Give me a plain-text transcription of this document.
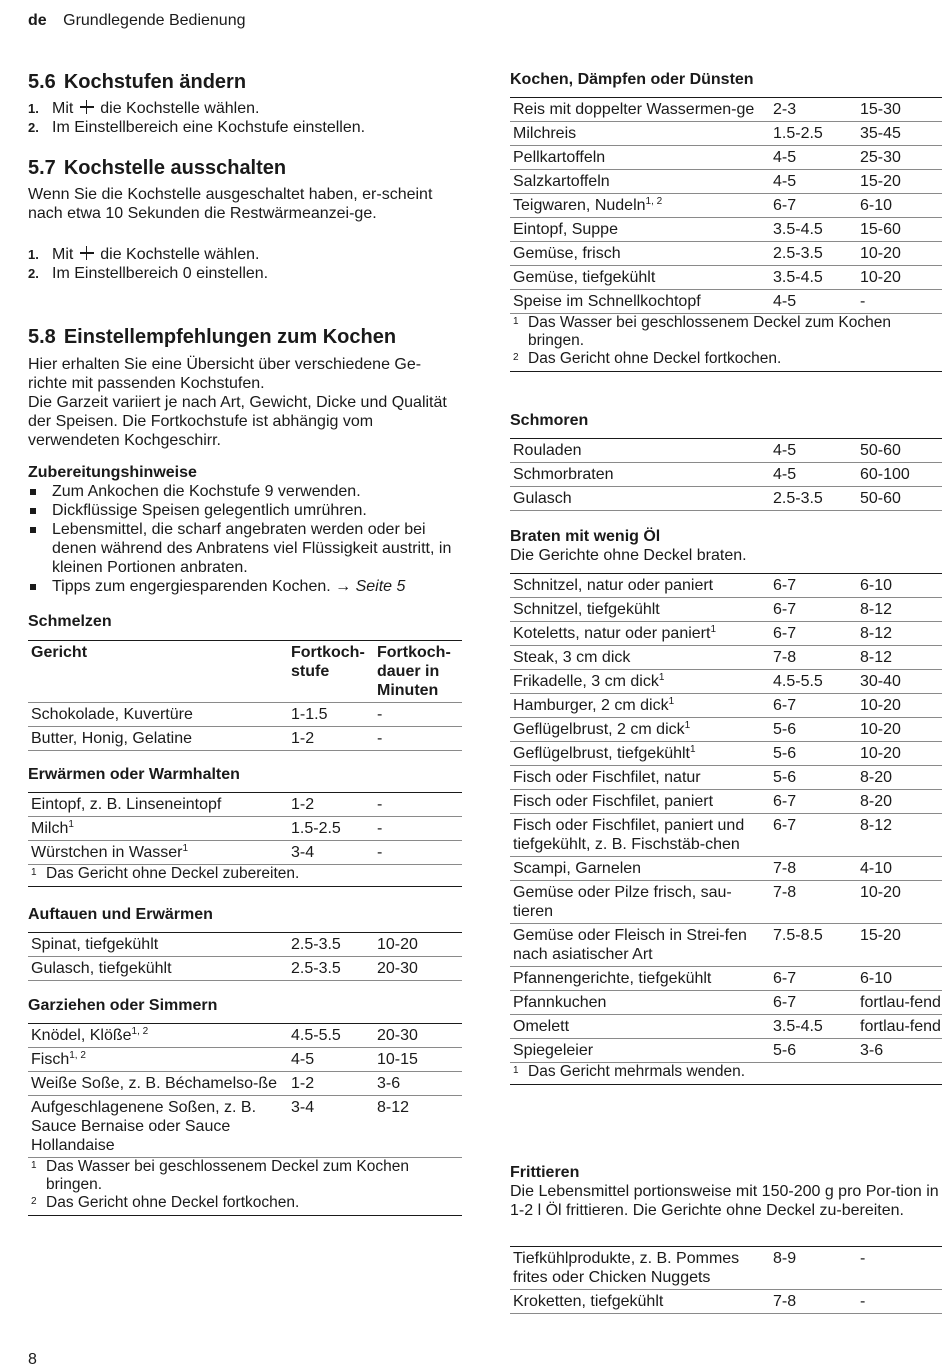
de Grundlegende Bedienung
5.6 Kochstufen ändern
1. Mit die Kochstelle wählen.
2. Im Einstellbereich eine Kochstufe einstellen.
5.7 Kochstelle ausschalten

Wenn Sie die Kochstelle ausgeschaltet haben, er-scheint nach etwa 10 Sekunden die Restwärmeanzei-ge.

1. Mit die Kochstelle wählen.
2. Im Einstellbereich 0 einstellen.
5.8 Einstellempfehlungen zum Kochen

Hier erhalten Sie eine Übersicht über verschiedene Ge-richte mit passenden Kochstufen.

Die Garzeit variiert je nach Art, Gewicht, Dicke und Qualität der Speisen. Die Fortkochstufe ist abhängig vom verwendeten Kochgeschirr.

Zubereitungshinweise
Zum Ankochen die Kochstufe 9 verwenden.
Dickflüssige Speisen gelegentlich umrühren.
Lebensmittel, die scharf angebraten werden oder bei denen während des Anbratens viel Flüssigkeit austritt, in kleinen Portionen anbraten.
Tipps zum engergiesparenden Kochen. → Seite 5
Schmelzen
Gericht	Fortkoch-stufe	Fortkoch-dauer in Minuten
Schokolade, Kuvertüre	1-1.5	-
Butter, Honig, Gelatine	1-2	-
Erwärmen oder Warmhalten
Eintopf, z. B. Linseneintopf	1-2	-
Milch$^1$	1.5-2.5	-
Würstchen in Wasser$^1$	3-4	-
1 Das Gericht ohne Deckel zubereiten.
Auftauen und Erwärmen
Spinat, tiefgekühlt	2.5-3.5	10-20
Gulasch, tiefgekühlt	2.5-3.5	20-30
Garziehen oder Simmern
Knödel, Klöße$^{1, 2}$	4.5-5.5	20-30
Fisch$^{1, 2}$	4-5	10-15
Weiße Soße, z. B. Béchamelso-ße	1-2	3-6
Aufgeschlagenene Soßen, z. B. Sauce Bernaise oder Sauce Hollandaise	3-4	8-12
1 Das Wasser bei geschlossenem Deckel zum Kochen bringen.
2 Das Gericht ohne Deckel fortkochen.
Kochen, Dämpfen oder Dünsten
Reis mit doppelter Wassermen-ge	2-3	15-30
Milchreis	1.5-2.5	35-45
Pellkartoffeln	4-5	25-30
Salzkartoffeln	4-5	15-20
Teigwaren, Nudeln$^{1, 2}$	6-7	6-10
Eintopf, Suppe	3.5-4.5	15-60
Gemüse, frisch	2.5-3.5	10-20
Gemüse, tiefgekühlt	3.5-4.5	10-20
Speise im Schnellkochtopf	4-5	-
1 Das Wasser bei geschlossenem Deckel zum Kochen bringen.
2 Das Gericht ohne Deckel fortkochen.
Schmoren
Rouladen	4-5	50-60
Schmorbraten	4-5	60-100
Gulasch	2.5-3.5	50-60
Braten mit wenig Öl

Die Gerichte ohne Deckel braten.

Schnitzel, natur oder paniert	6-7	6-10
Schnitzel, tiefgekühlt	6-7	8-12
Koteletts, natur oder paniert$^1$	6-7	8-12
Steak, 3 cm dick	7-8	8-12
Frikadelle, 3 cm dick$^1$	4.5-5.5	30-40
Hamburger, 2 cm dick$^1$	6-7	10-20
Geflügelbrust, 2 cm dick$^1$	5-6	10-20
Geflügelbrust, tiefgekühlt$^1$	5-6	10-20
Fisch oder Fischfilet, natur	5-6	8-20
Fisch oder Fischfilet, paniert	6-7	8-20
Fisch oder Fischfilet, paniert und tiefgekühlt, z. B. Fischstäb-chen	6-7	8-12
Scampi, Garnelen	7-8	4-10
Gemüse oder Pilze frisch, sau-tieren	7-8	10-20
Gemüse oder Fleisch in Strei-fen nach asiatischer Art	7.5-8.5	15-20
Pfannengerichte, tiefgekühlt	6-7	6-10
Pfannkuchen	6-7	fortlau-fend
Omelett	3.5-4.5	fortlau-fend
Spiegeleier	5-6	3-6
1 Das Gericht mehrmals wenden.
Frittieren

Die Lebensmittel portionsweise mit 150-200 g pro Por-tion in 1-2 l Öl frittieren. Die Gerichte ohne Deckel zu-bereiten.

Tiefkühlprodukte, z. B. Pommes frites oder Chicken Nuggets	8-9	-
Kroketten, tiefgekühlt	7-8	-
8
